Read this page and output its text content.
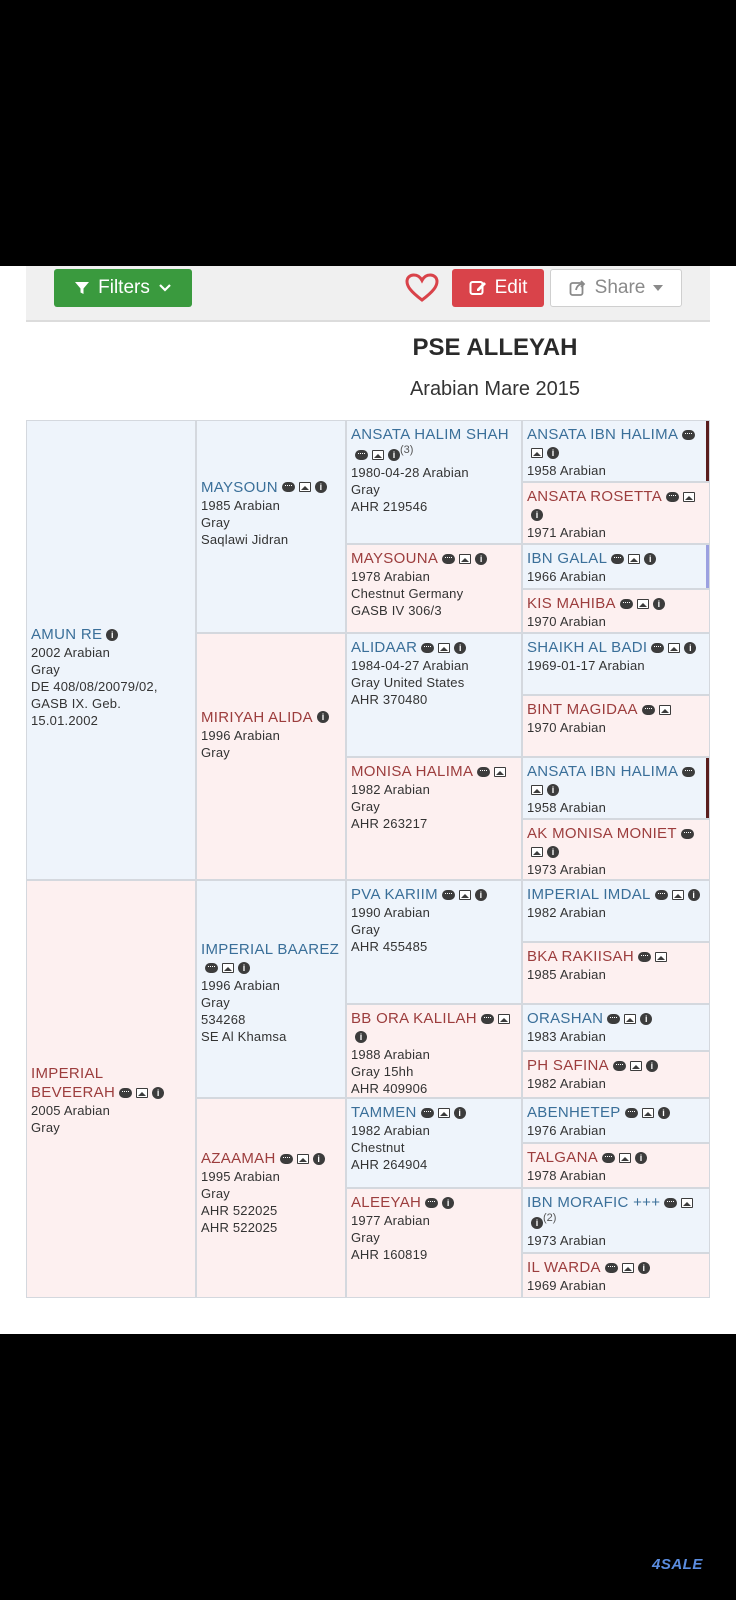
Filters	Edit	Share
PSE ALLEYAH
Arabian Mare 2015
AMUN RE i
2002 Arabian
Gray
DE 408/08/20079/02,
GASB IX. Geb.
15.01.2002
IMPERIAL BEVEERAH	i
2005 Arabian
Gray
MAYSOUN	i
1985 Arabian
Gray
Saqlawi Jidran
MIRIYAH ALIDA i
1996 Arabian
Gray
IMPERIAL BAAREZi
1996 Arabian
Gray
534268
SE Al Khamsa
AZAAMAH	i
1995 Arabian
Gray
AHR 522025
AHR 522025
ANSATA HALIM SHAHi $^{(3)}$
1980-04-28 Arabian
Gray
AHR 219546
MAYSOUNA	i
1978 Arabian
Chestnut Germany
GASB IV 306/3
ALIDAAR	i
1984-04-27 Arabian
Gray United States
AHR 370480
MONISA HALIMA
1982 Arabian
Gray
AHR 263217
PVA KARIIM	i
1990 Arabian
Gray
AHR 455485
BB ORA KALILAHi
1988 Arabian
Gray 15hh
AHR 409906
TAMMEN	i
1982 Arabian
Chestnut
AHR 264904
ALEEYAH	i
1977 Arabian
Gray
AHR 160819
ANSATA IBN HALIMAi
1958 Arabian
ANSATA ROSETTAi
1971 Arabian
IBN GALAL	i
1966 Arabian
KIS MAHIBA	i
1970 Arabian
SHAIKH AL BADI	i
1969-01-17 Arabian
BINT MAGIDAA
1970 Arabian
ANSATA IBN HALIMAi
1958 Arabian
AK MONISA MONIETi
1973 Arabian
IMPERIAL IMDAL	i
1982 Arabian
BKA RAKIISAH
1985 Arabian
ORASHAN	i
1983 Arabian
PH SAFINA	i
1982 Arabian
ABENHETEP	i
1976 Arabian
TALGANA	i
1978 Arabian
IBN MORAFIC +++i $^{(2)}$
1973 Arabian
IL WARDA	i
1969 Arabian
4SALE
